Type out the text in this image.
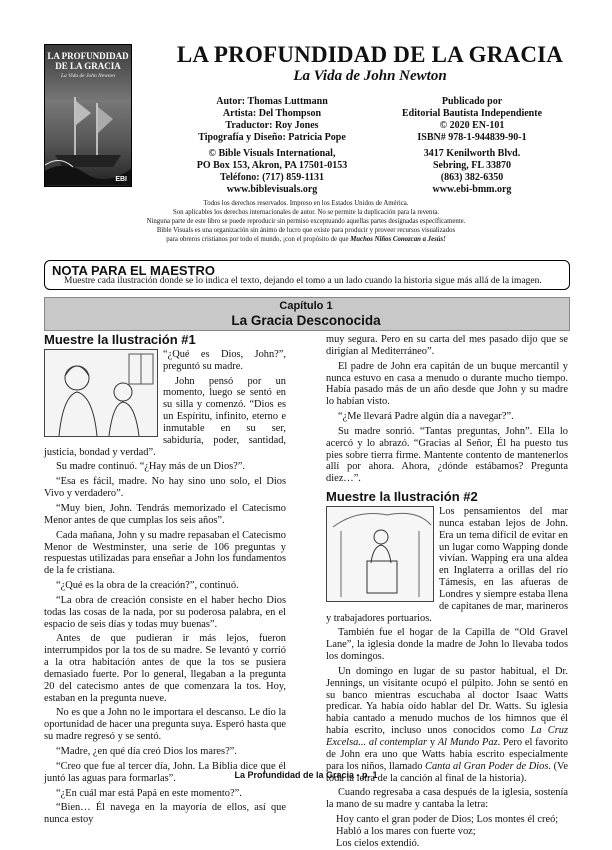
LA PROFUNDIDAD DE LA GRACIA
La Vida de John Newton
EBI
LA PROFUNDIDAD DE LA GRACIA
La Vida de John Newton
Autor: Thomas Luttmann
Artista: Del Thompson
Traductor: Roy Jones
Tipografía y Diseño: Patricia Pope
© Bible Visuals International,
PO Box 153, Akron, PA 17501-0153
Teléfono: (717) 859-1131
www.biblevisuals.org
Publicado por
Editorial Bautista Independiente
© 2020 EN-101
ISBN# 978-1-944839-90-1
3417 Kenilworth Blvd.
Sebring, FL 33870
(863) 382-6350
www.ebi-bmm.org
Todos los derechos reservados. Impreso en los Estados Unidos de América.
Son aplicables los derechos internacionales de autor. No se permite la duplicación para la reventa.
Ninguna parte de este libro se puede reproducir sin permiso exceptuando aquellas partes designadas específicamente.
Bible Visuals es una organización sin ánimo de lucro que existe para producir y proveer recursos visualizados
para obreros cristianos por todo el mundo, ¡con el propósito de que Muchos Niños Conozcan a Jesús!
NOTA PARA EL MAESTRO
Muestre cada ilustración donde se lo indica el texto, dejando el tomo a un lado cuando la historia sigue más allá de la imagen.
Capítulo 1
La Gracia Desconocida
Muestre la Ilustración #1

“¿Qué es Dios, John?”, preguntó su madre.

John pensó por un momento, luego se sentó en su silla y comenzó. “Dios es un Espíritu, infinito, eterno e inmutable en su ser, sabiduría, poder, santidad, justicia, bondad y verdad”.

Su madre continuó. “¿Hay más de un Dios?”.

“Esa es fácil, madre. No hay sino uno solo, el Dios Vivo y verdadero”.

“Muy bien, John. Tendrás memorizado el Catecismo Menor antes de que cumplas los seis años”.

Cada mañana, John y su madre repasaban el Catecismo Menor de Westminster, una serie de 106 preguntas y respuestas utilizadas para enseñar a John los fundamentos de la fe cristiana.

“¿Qué es la obra de la creación?”, continuó.

“La obra de creación consiste en el haber hecho Dios todas las cosas de la nada, por su poderosa palabra, en el espacio de seis días y todas muy buenas”.

Antes de que pudieran ir más lejos, fueron interrumpidos por la tos de su madre. Se levantó y corrió a la otra habitación antes de que la tos se pusiera demasiado fuerte. Por lo general, llegaban a la pregunta 20 del catecismo antes de que comenzara la tos. Hoy, estaban en la pregunta nueve.

No es que a John no le importara el descanso. Le dio la oportunidad de hacer una pregunta suya. Esperó hasta que su madre regresó y se sentó.

“Madre, ¿en qué día creó Dios los mares?”.

“Creo que fue al tercer día, John. La Biblia dice que él juntó las aguas para formarlas”.

“¿En cuál mar está Papá en este momento?”.

“Bien… Él navega en la mayoría de ellos, así que nunca estoy

muy segura. Pero en su carta del mes pasado dijo que se dirigían al Mediterráneo”.

El padre de John era capitán de un buque mercantil y nunca estuvo en casa a menudo o durante mucho tiempo. Había pasado más de un año desde que John y su madre lo habían visto.

“¿Me llevará Padre algún día a navegar?”.

Su madre sonrió. “Tantas preguntas, John”. Ella lo acercó y lo abrazó. “Gracias al Señor, Él ha puesto tus pies sobre tierra firme. Mantente contento de mantenerlos allí por ahora. Ahora, ¿dónde estábamos? Pregunta diez…”.

Muestre la Ilustración #2

Los pensamientos del mar nunca estaban lejos de John. Era un tema difícil de evitar en un lugar como Wapping donde vivían. Wapping era una aldea en Inglaterra a orillas del río Támesis, en las afueras de Londres y siempre estaba llena de capitanes de mar, marineros y trabajadores portuarios.

También fue el hogar de la Capilla de “Old Gravel Lane”, la iglesia donde la madre de John lo llevaba todos los domingos.

Un domingo en lugar de su pastor habitual, el Dr. Jennings, un visitante ocupó el púlpito. John se sentó en su banco mientras escuchaba al doctor Isaac Watts predicar. Ya había oído hablar del Dr. Watts. Su iglesia había cantado a menudo muchos de los himnos que él había escrito, incluso unos conocidos como La Cruz Excelsa... al contemplar y Al Mundo Paz. Pero el favorito de John era uno que Watts había escrito especialmente para los niños, llamado Canta al Gran Poder de Dios. (Ve toda la letra de la canción al final de la historia).

Cuando regresaba a casa después de la iglesia, sostenía la mano de su madre y cantaba la letra:

Hoy canto el gran poder de Dios; Los montes él creó;
Habló a los mares con fuerte voz;
Los cielos extendió.
La Profundidad de la Gracia - p. 1
